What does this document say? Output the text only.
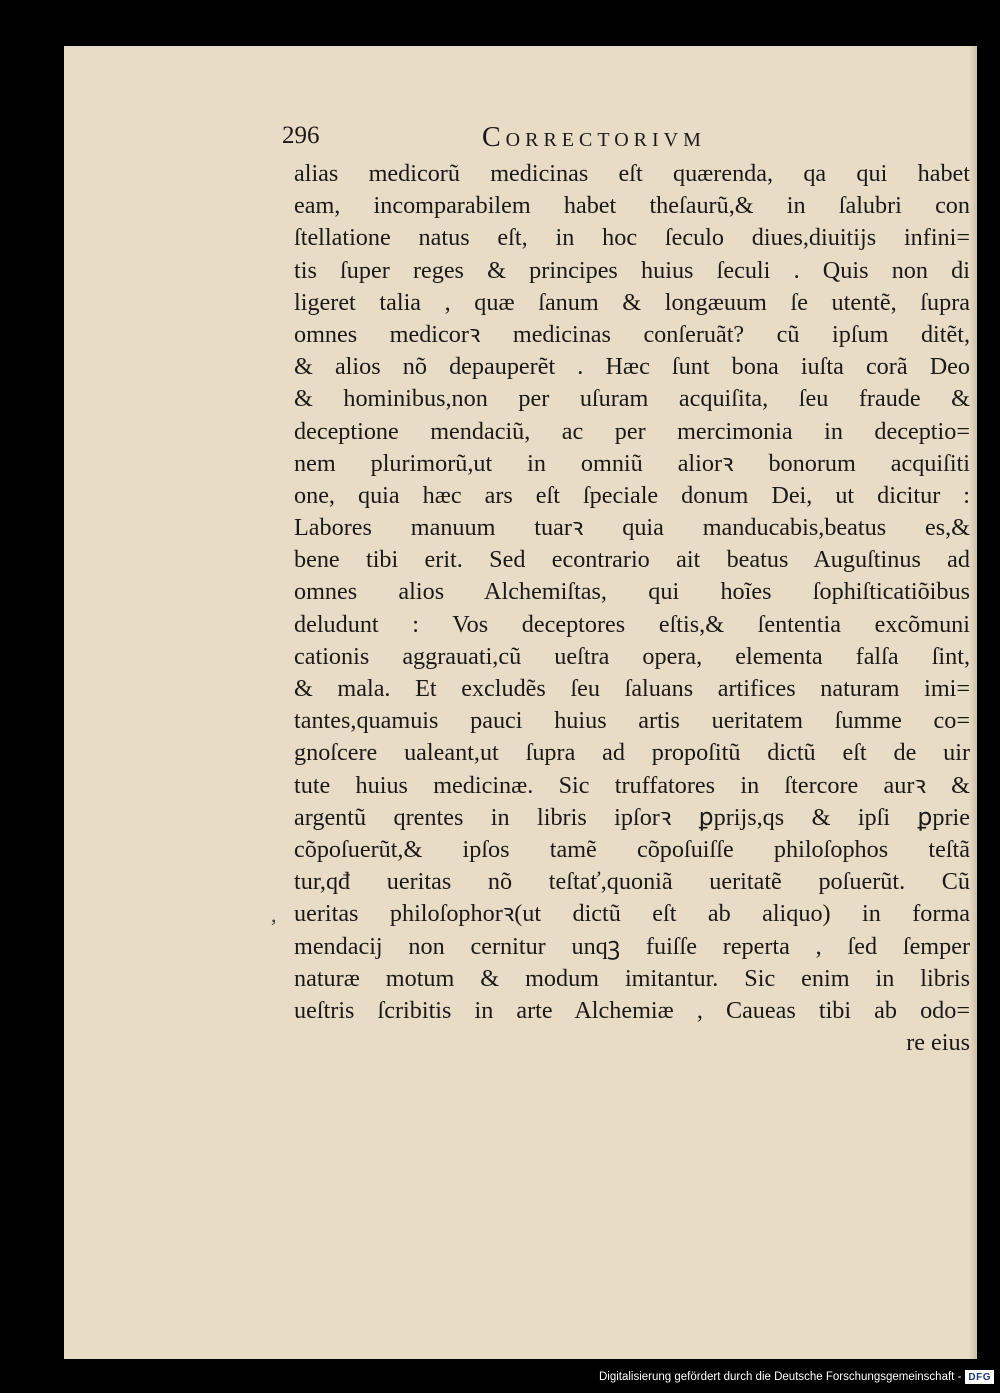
296	Correctorivm
,
alias medicorũ medicinas eſt quærenda, qa qui habet
eam, incomparabilem habet theſaurũ,& in ſalubri con
ſtellatione natus eſt, in hoc ſeculo diues,diuitijs infini=
tis ſuper reges & principes huius ſeculi . Quis non di
ligeret talia , quæ ſanum & longæuum ſe utentẽ, ſupra
omnes medicorꝛ medicinas conſeruãt? cũ ipſum ditẽt,
& alios nõ depauperẽt . Hæc ſunt bona iuſta corã Deo
& hominibus,non per uſuram acquiſita, ſeu fraude &
deceptione mendaciũ, ac per mercimonia in deceptio=
nem plurimorũ,ut in omniũ aliorꝛ bonorum acquiſiti
one, quia hæc ars eſt ſpeciale donum Dei, ut dicitur :
Labores manuum tuarꝛ quia manducabis,beatus es,&
bene tibi erit. Sed econtrario ait beatus Auguſtinus ad
omnes alios Alchemiſtas, qui hoĩes ſophiſticatiõibus
deludunt : Vos deceptores eſtis,& ſententia excõmuni
cationis aggrauati,cũ ueſtra opera, elementa falſa ſint,
& mala. Et excludẽs ſeu ſaluans artifices naturam imi=
tantes,quamuis pauci huius artis ueritatem ſumme co=
gnoſcere ualeant,ut ſupra ad propoſitũ dictũ eſt de uir
tute huius medicinæ. Sic truffatores in ſtercore aurꝛ &
argentũ qrentes in libris ipſorꝛ ꝑprijs,qs & ipſi ꝑprie
cõpoſuerũt,& ipſos tamẽ cõpoſuiſſe philoſophos teſtã
tur,qđ ueritas nõ teſtať,quoniã ueritatẽ poſuerũt. Cũ
ueritas philoſophorꝛ(ut dictũ eſt ab aliquo) in forma
mendacij non cernitur unqꝫ fuiſſe reperta , ſed ſemper
naturæ motum & modum imitantur. Sic enim in libris
ueſtris ſcribitis in arte Alchemiæ , Caueas tibi ab odo=
re eius
Digitalisierung gefördert durch die Deutsche Forschungsgemeinschaft - DFG
